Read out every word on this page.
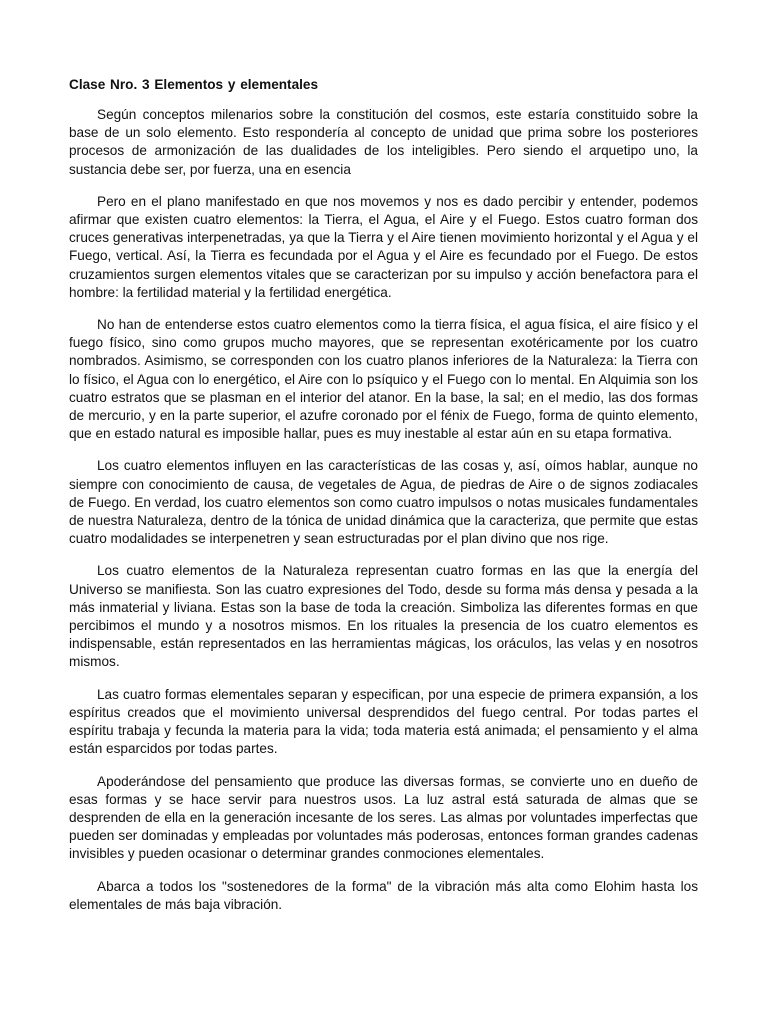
Clase Nro. 3 Elementos y elementales

Según conceptos milenarios sobre la constitución del cosmos, este estaría constituido sobre la base de un solo elemento. Esto respondería al concepto de unidad que prima sobre los posteriores procesos de armonización de las dualidades de los inteligibles. Pero siendo el arquetipo uno, la sustancia debe ser, por fuerza, una en esencia

Pero en el plano manifestado en que nos movemos y nos es dado percibir y entender, podemos afirmar que existen cuatro elementos: la Tierra, el Agua, el Aire y el Fuego. Estos cuatro forman dos cruces generativas interpenetradas, ya que la Tierra y el Aire tienen movimiento horizontal y el Agua y el Fuego, vertical. Así, la Tierra es fecundada por el Agua y el Aire es fecundado por el Fuego. De estos cruzamientos surgen elementos vitales que se caracterizan por su impulso y acción benefactora para el hombre: la fertilidad material y la fertilidad energética.

No han de entenderse estos cuatro elementos como la tierra física, el agua física, el aire físico y el fuego físico, sino como grupos mucho mayores, que se representan exotéricamente por los cuatro nombrados. Asimismo, se corresponden con los cuatro planos inferiores de la Naturaleza: la Tierra con lo físico, el Agua con lo energético, el Aire con lo psíquico y el Fuego con lo mental. En Alquimia son los cuatro estratos que se plasman en el interior del atanor. En la base, la sal; en el medio, las dos formas de mercurio, y en la parte superior, el azufre coronado por el fénix de Fuego, forma de quinto elemento, que en estado natural es imposible hallar, pues es muy inestable al estar aún en su etapa formativa.

Los cuatro elementos influyen en las características de las cosas y, así, oímos hablar, aunque no siempre con conocimiento de causa, de vegetales de Agua, de piedras de Aire o de signos zodiacales de Fuego. En verdad, los cuatro elementos son como cuatro impulsos o notas musicales fundamentales de nuestra Naturaleza, dentro de la tónica de unidad dinámica que la caracteriza, que permite que estas cuatro modalidades se interpenetren y sean estructuradas por el plan divino que nos rige.

Los cuatro elementos de la Naturaleza representan cuatro formas en las que la energía del Universo se manifiesta. Son las cuatro expresiones del Todo, desde su forma más densa y pesada a la más inmaterial y liviana. Estas son la base de toda la creación. Simboliza las diferentes formas en que percibimos el mundo y a nosotros mismos. En los rituales la presencia de los cuatro elementos es indispensable, están representados en las herramientas mágicas, los oráculos, las velas y en nosotros mismos.

Las cuatro formas elementales separan y especifican, por una especie de primera expansión, a los espíritus creados que el movimiento universal desprendidos del fuego central. Por todas partes el espíritu trabaja y fecunda la materia para la vida; toda materia está animada; el pensamiento y el alma están esparcidos por todas partes.

Apoderándose del pensamiento que produce las diversas formas, se convierte uno en dueño de esas formas y se hace servir para nuestros usos. La luz astral está saturada de almas que se desprenden de ella en la generación incesante de los seres. Las almas por voluntades imperfectas que pueden ser dominadas y empleadas por voluntades más poderosas, entonces forman grandes cadenas invisibles y pueden ocasionar o determinar grandes conmociones elementales.

Abarca a todos los "sostenedores de la forma" de la vibración más alta como Elohim hasta los elementales de más baja vibración.
